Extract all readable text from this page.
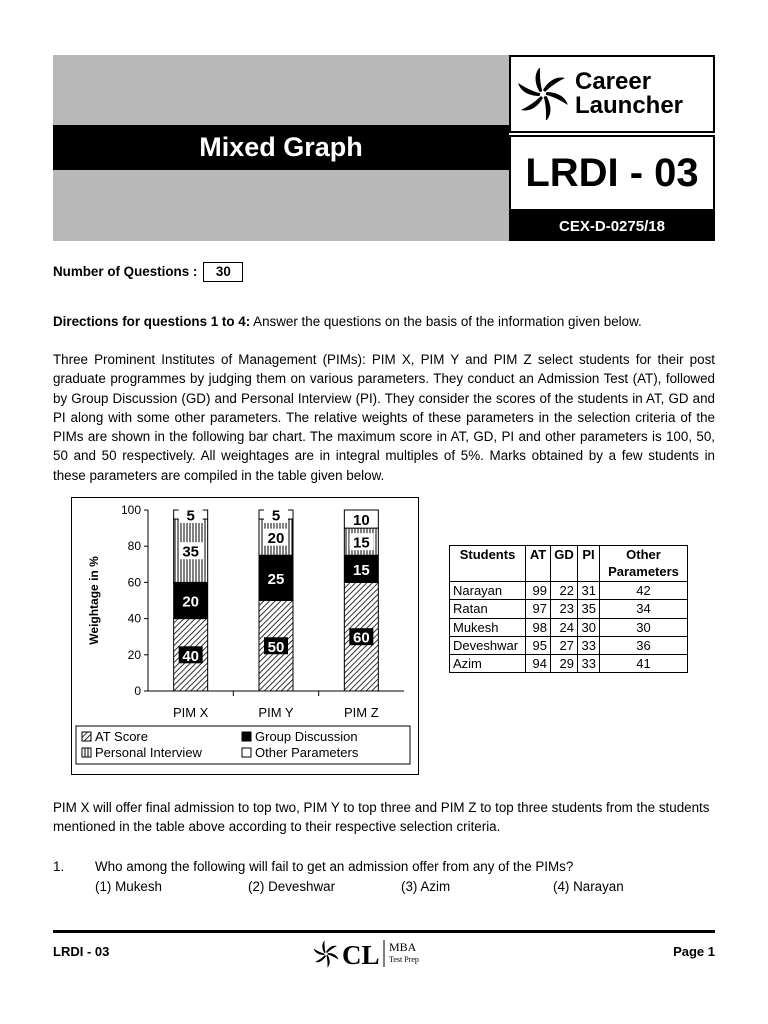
Mixed Graph
Career
Launcher
LRDI - 03
CEX-D-0275/18
Number of Questions :	30
Directions for questions 1 to 4: Answer the questions on the basis of the information given below.
Three Prominent Institutes of Management (PIMs): PIM X, PIM Y and PIM Z select students for their post graduate programmes by judging them on various parameters. They conduct an Admission Test (AT), followed by Group Discussion (GD) and Personal Interview (PI). They consider the scores of the students in AT, GD and PI along with some other parameters. The relative weights of these parameters in the selection criteria of the PIMs are shown in the following bar chart. The maximum score in AT, GD, PI and other parameters is 100, 50, 50 and 50 respectively. All weightages are in integral multiples of 5%. Marks obtained by a few students in these parameters are compiled in the table given below.
0
20
40
60
80
100
Weightage in %
40
20
35
5
PIM X
50
25
20
5
PIM Y
60
15
15
10
PIM Z
AT Score	Group Discussion
Personal Interview	Other Parameters
Students	AT	GD	PI	Other Parameters
Narayan	99	22	31	42
Ratan	97	23	35	34
Mukesh	98	24	30	30
Deveshwar	95	27	33	36
Azim	94	29	33	41
PIM X will offer final admission to top two, PIM Y to top three and PIM Z to top three students from the students mentioned in the table above according to their respective selection criteria.
1. Who among the following will fail to get an admission offer from any of the PIMs?
(1) Mukesh	(2) Deveshwar	(3) Azim	(4) Narayan
LRDI - 03	CL MBA
Test Prep
Page 1
